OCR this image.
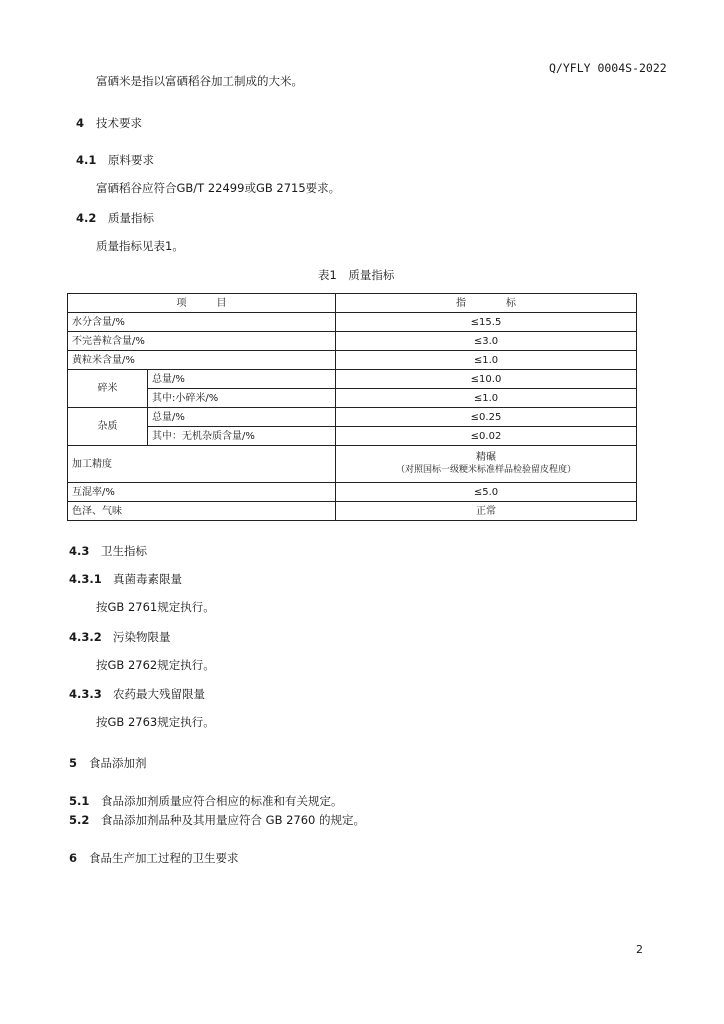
Q/YFLY 0004S-2022
富硒米是指以富硒稻谷加工制成的大米。
4 技术要求
4.1 原料要求
富硒稻谷应符合GB/T 22499或GB 2715要求。
4.2 质量指标
质量指标见表1。
表1　质量指标
项　　　目		指　　　　标
水分含量/%		≤15.5
不完善粒含量/%		≤3.0
黄粒米含量/%		≤1.0
碎米	总量/%	≤10.0
	其中:小碎米/%	≤1.0
杂质	总量/%	≤0.25
	其中：无机杂质含量/%	≤0.02
加工精度		精碾
（对照国标一级粳米标准样品检验留皮程度）

互混率/%		≤5.0
色泽、气味		正常
4.3 卫生指标
4.3.1 真菌毒素限量
按GB 2761规定执行。
4.3.2 污染物限量
按GB 2762规定执行。
4.3.3 农药最大残留限量
按GB 2763规定执行。
5 食品添加剂
5.1 食品添加剂质量应符合相应的标准和有关规定。
5.2 食品添加剂品种及其用量应符合 GB 2760 的规定。
6 食品生产加工过程的卫生要求
2
